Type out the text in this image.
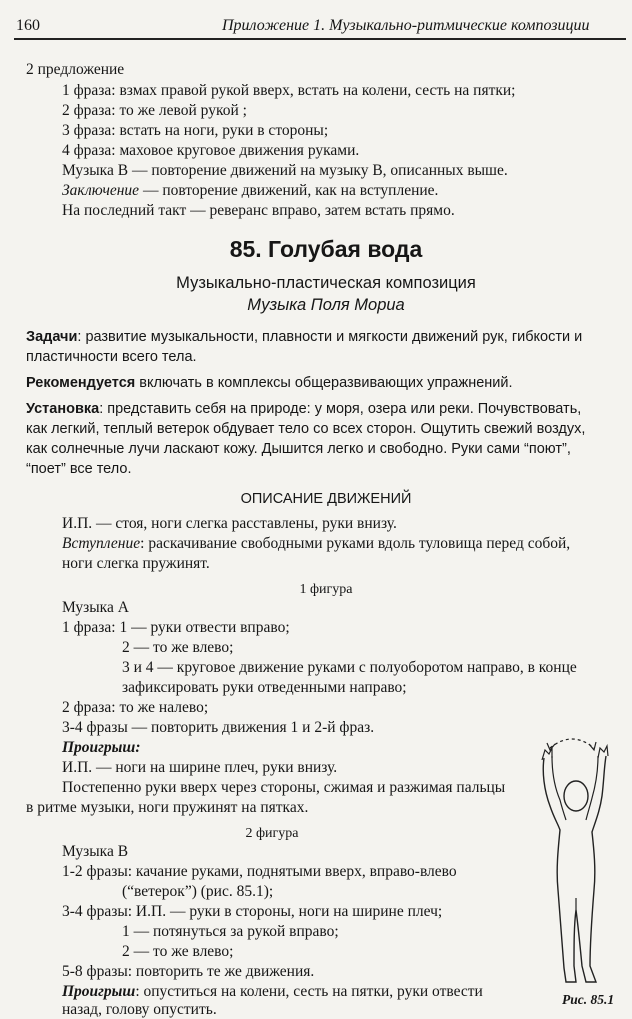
160	Приложение 1. Музыкально-ритмические композиции
2 предложение
1 фраза: взмах правой рукой вверх, встать на колени, сесть на пятки;
2 фраза: то же левой рукой ;
3 фраза: встать на ноги, руки в стороны;
4 фраза: маховое круговое движения руками.
Музыка В — повторение движений на музыку В, описанных выше.
Заключение — повторение движений, как на вступление.
На последний такт — реверанс вправо, затем встать прямо.
85. Голубая вода
Музыкально-пластическая композиция
Музыка Поля Мориа
Задачи: развитие музыкальности, плавности и мягкости движений рук, гибкости и
пластичности всего тела.
Рекомендуется включать в комплексы общеразвивающих упражнений.
Установка: представить себя на природе: у моря, озера или реки. Почувствовать,
как легкий, теплый ветерок обдувает тело со всех сторон. Ощутить свежий воздух,
как солнечные лучи ласкают кожу. Дышится легко и свободно. Руки сами “поют”,
“поет” все тело.
ОПИСАНИЕ ДВИЖЕНИЙ
И.П. — стоя, ноги слегка расставлены, руки внизу.
Вступление: раскачивание свободными руками вдоль туловища перед собой,
ноги слегка пружинят.
1 фигура
Музыка А
1 фраза: 1 — руки отвести вправо;
2 — то же влево;
3 и 4 — круговое движение руками с полуоборотом направо, в конце
зафиксировать руки отведенными направо;
2 фраза: то же налево;
3-4 фразы — повторить движения 1 и 2-й фраз.
Проигрыш:
И.П. — ноги на ширине плеч, руки внизу.
Постепенно руки вверх через стороны, сжимая и разжимая пальцы
в ритме музыки, ноги пружинят на пятках.
2 фигура
Музыка В
1-2 фразы: качание руками, поднятыми вверх, вправо-влево
(“ветерок”) (рис. 85.1);
3-4 фразы: И.П. — руки в стороны, ноги на ширине плеч;
1 — потянуться за рукой вправо;
2 — то же влево;
5-8 фразы: повторить те же движения.
Проигрыш: опуститься на колени, сесть на пятки, руки отвести
назад, голову опустить.
Рис. 85.1
